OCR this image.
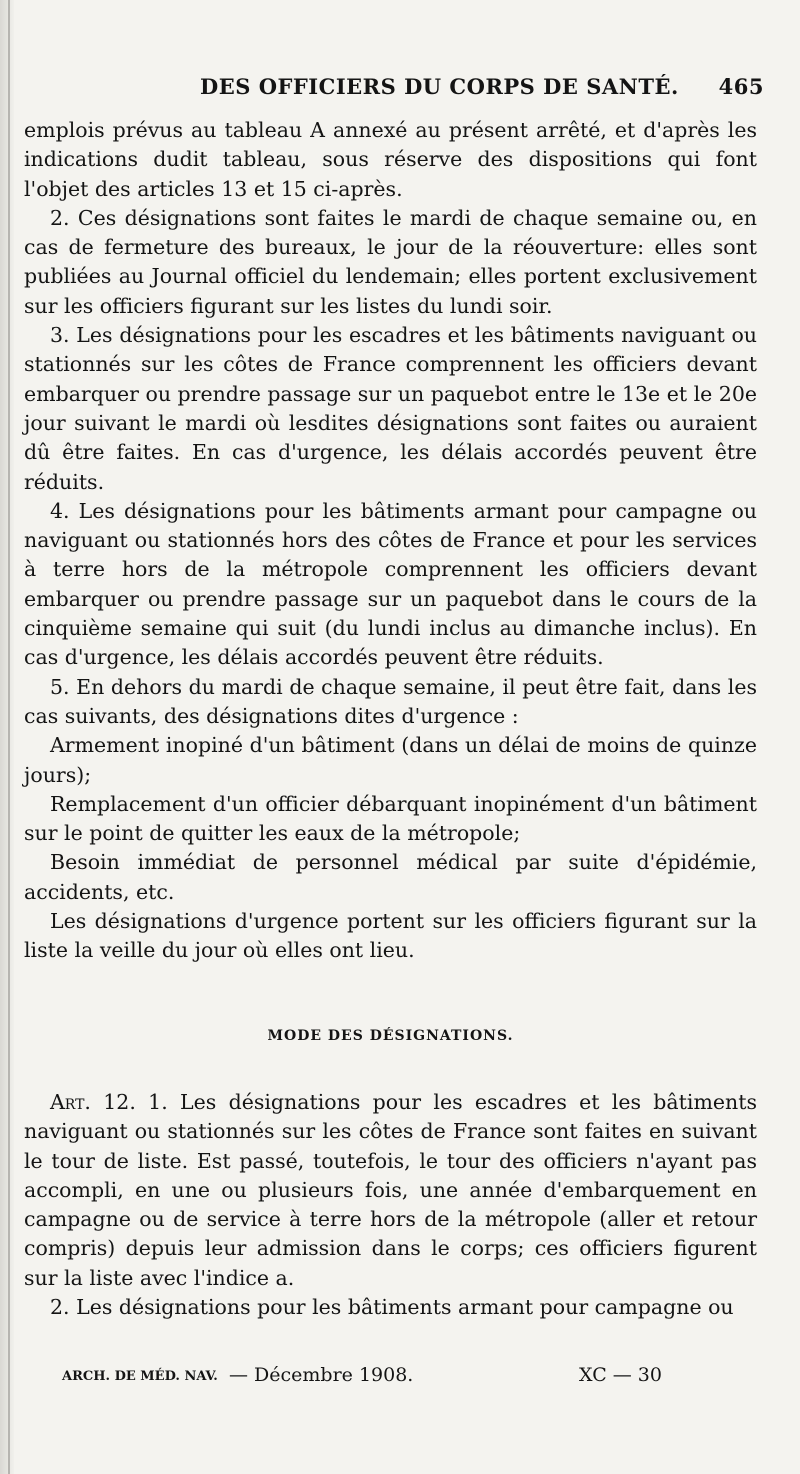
DES OFFICIERS DU CORPS DE SANTÉ. 465

emplois prévus au tableau A annexé au présent arrêté, et d'après les indications dudit tableau, sous réserve des dispositions qui font l'objet des articles 13 et 15 ci-après.

2. Ces désignations sont faites le mardi de chaque semaine ou, en cas de fermeture des bureaux, le jour de la réouverture: elles sont publiées au Journal officiel du lendemain; elles portent exclusivement sur les officiers figurant sur les listes du lundi soir.

3. Les désignations pour les escadres et les bâtiments naviguant ou stationnés sur les côtes de France comprennent les officiers devant embarquer ou prendre passage sur un paquebot entre le 13e et le 20e jour suivant le mardi où lesdites désignations sont faites ou auraient dû être faites. En cas d'urgence, les délais accordés peuvent être réduits.

4. Les désignations pour les bâtiments armant pour campagne ou naviguant ou stationnés hors des côtes de France et pour les services à terre hors de la métropole comprennent les officiers devant embarquer ou prendre passage sur un paquebot dans le cours de la cinquième semaine qui suit (du lundi inclus au dimanche inclus). En cas d'urgence, les délais accordés peuvent être réduits.

5. En dehors du mardi de chaque semaine, il peut être fait, dans les cas suivants, des désignations dites d'urgence :

Armement inopiné d'un bâtiment (dans un délai de moins de quinze jours);

Remplacement d'un officier débarquant inopinément d'un bâtiment sur le point de quitter les eaux de la métropole;

Besoin immédiat de personnel médical par suite d'épidémie, accidents, etc.

Les désignations d'urgence portent sur les officiers figurant sur la liste la veille du jour où elles ont lieu.

MODE DES DÉSIGNATIONS.

Art. 12. 1. Les désignations pour les escadres et les bâtiments naviguant ou stationnés sur les côtes de France sont faites en suivant le tour de liste. Est passé, toutefois, le tour des officiers n'ayant pas accompli, en une ou plusieurs fois, une année d'embarquement en campagne ou de service à terre hors de la métropole (aller et retour compris) depuis leur admission dans le corps; ces officiers figurent sur la liste avec l'indice a.

2. Les désignations pour les bâtiments armant pour campagne ou

ARCH. DE MÉD. NAV. — Décembre 1908.	XC — 30
